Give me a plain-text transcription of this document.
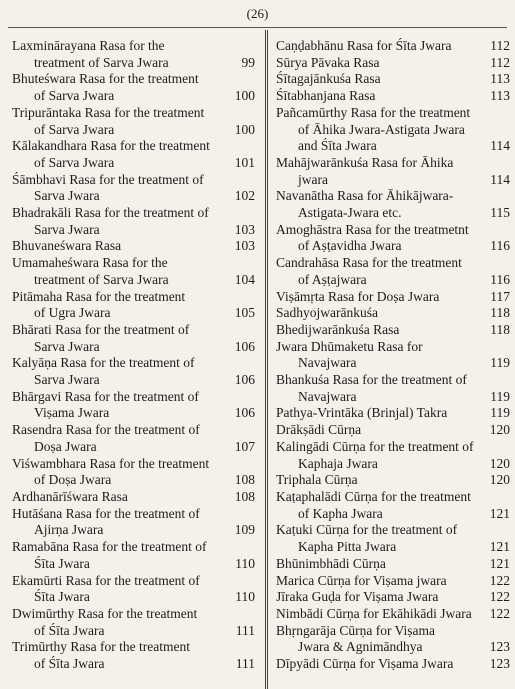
(26)
Laxminārayana Rasa for the
treatment of Sarva Jwara	99
Bhuteśwara Rasa for the treatment
of Sarva Jwara	100
Tripurāntaka Rasa for the treatment
of Sarva Jwara	100
Kālakandhara Rasa for the treatment
of Sarva Jwara	101
Śāmbhavi Rasa for the treatment of
Sarva Jwara	102
Bhadrakāli Rasa for the treatment of
Sarva Jwara	103
Bhuvaneśwara Rasa	103
Umamaheśwara Rasa for the
treatment of Sarva Jwara	104
Pitāmaha Rasa for the treatment
of Ugra Jwara	105
Bhārati Rasa for the treatment of
Sarva Jwara	106
Kalyāṇa Rasa for the treatment of
Sarva Jwara	106
Bhārgavi Rasa for the treatment of
Viṣama Jwara	106
Rasendra Rasa for the treatment of
Doṣa Jwara	107
Viśwambhara Rasa for the treatment
of Doṣa Jwara	108
Ardhanārīśwara Rasa	108
Hutāśana Rasa for the treatment of
Ajirṇa Jwara	109
Ramabāna Rasa for the treatment of
Śīta Jwara	110
Ekamūrti Rasa for the treatment of
Śīta Jwara	110
Dwimūrthy Rasa for the treatment
of Śīta Jwara	111
Trimūrthy Rasa for the treatment
of Śīta Jwara	111
Caṇḍabhānu Rasa for Śīta Jwara	112
Sūrya Pāvaka Rasa	112
Śītagajānkuśa Rasa	113
Śītabhanjana Rasa	113
Pañcamūrthy Rasa for the treatment
of Āhika Jwara-Astigata Jwara
and Śīta Jwara	114
Mahājwarānkuśa Rasa for Āhika
jwara	114
Navanātha Rasa for Āhikājwara-
Astigata-Jwara etc.	115
Amoghāstra Rasa for the treatmetnt
of Aṣṭavidha Jwara	116
Candrahāsa Rasa for the treatment
of Aṣṭajwara	116
Viṣāmṛta Rasa for Doṣa Jwara	117
Sadhyojwarānkuśa	118
Bhedijwarānkuśa Rasa	118
Jwara Dhūmaketu Rasa for
Navajwara	119
Bhankuśa Rasa for the treatment of
Navajwara	119
Pathya-Vrintāka (Brinjal) Takra	119
Drākṣādi Cūrṇa	120
Kalingādi Cūrṇa for the treatment of
Kaphaja Jwara	120
Triphala Cūrṇa	120
Kaṭaphalādi Cūrṇa for the treatment
of Kapha Jwara	121
Kaṭuki Cūrṇa for the treatment of
Kapha Pitta Jwara	121
Bhūnimbhādi Cūrṇa	121
Marica Cūrṇa for Viṣama jwara	122
Jīraka Guḍa for Viṣama Jwara	122
Nimbādi Cūrṇa for Ekāhikādi Jwara 122
Bhṛngarāja Cūrṇa for Viṣama
Jwara & Agnimāndhya	123
Dīpyādi Cūrṇa for Viṣama Jwara	123
